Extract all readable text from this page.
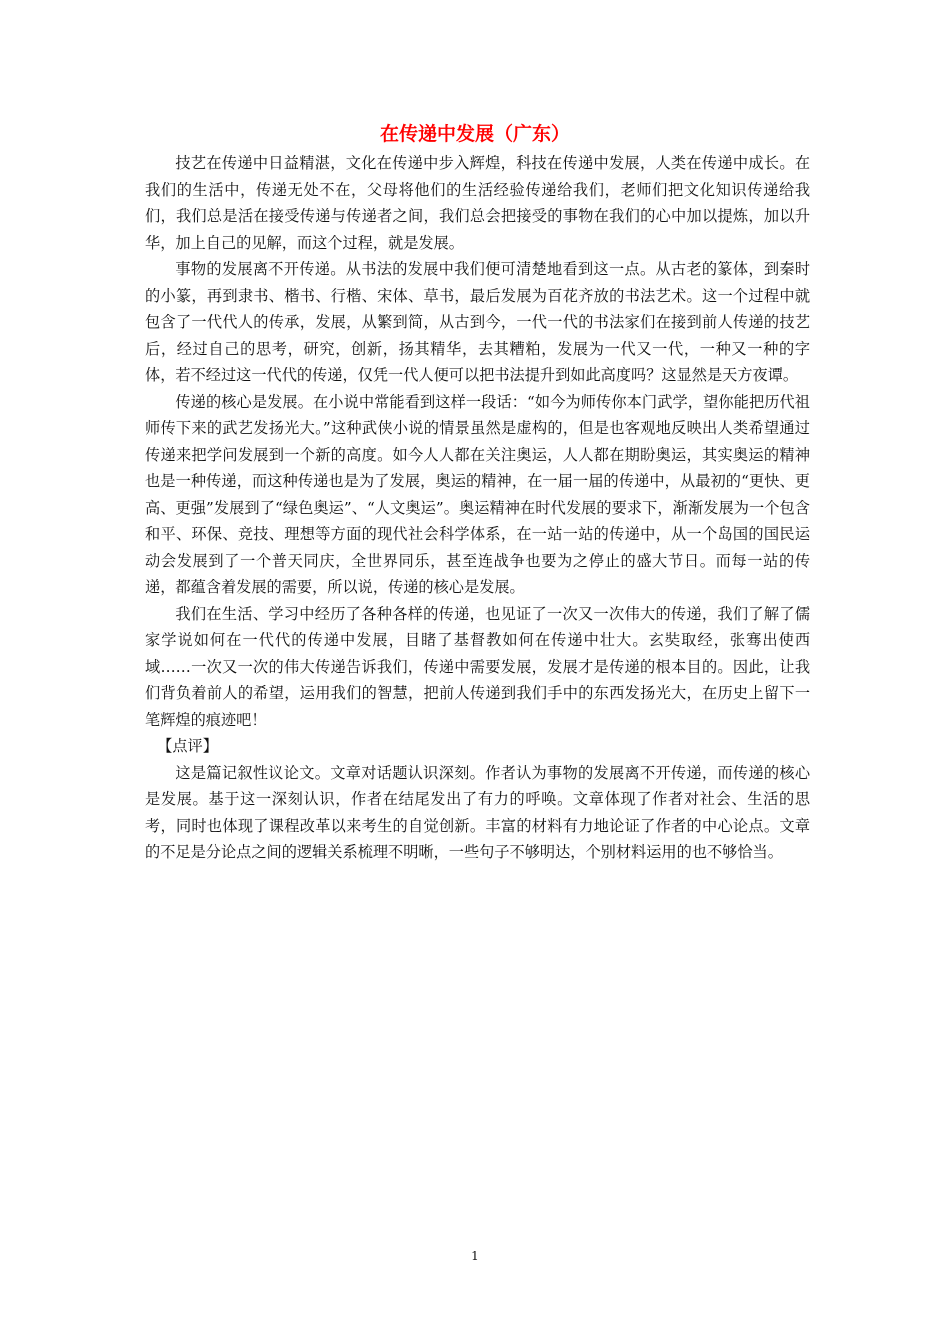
在传递中发展（广东）

技艺在传递中日益精湛，文化在传递中步入辉煌，科技在传递中发展，人类在传递中成长。在我们的生活中，传递无处不在，父母将他们的生活经验传递给我们，老师们把文化知识传递给我们，我们总是活在接受传递与传递者之间，我们总会把接受的事物在我们的心中加以提炼，加以升华，加上自己的见解，而这个过程，就是发展。

事物的发展离不开传递。从书法的发展中我们便可清楚地看到这一点。从古老的篆体，到秦时的小篆，再到隶书、楷书、行楷、宋体、草书，最后发展为百花齐放的书法艺术。这一个过程中就包含了一代代人的传承，发展，从繁到简，从古到今，一代一代的书法家们在接到前人传递的技艺后，经过自己的思考，研究，创新，扬其精华，去其糟粕，发展为一代又一代，一种又一种的字体，若不经过这一代代的传递，仅凭一代人便可以把书法提升到如此高度吗？这显然是天方夜谭。

传递的核心是发展。在小说中常能看到这样一段话：“如今为师传你本门武学，望你能把历代祖师传下来的武艺发扬光大。”这种武侠小说的情景虽然是虚构的，但是也客观地反映出人类希望通过传递来把学问发展到一个新的高度。如今人人都在关注奥运，人人都在期盼奥运，其实奥运的精神也是一种传递，而这种传递也是为了发展，奥运的精神，在一届一届的传递中，从最初的“更快、更高、更强”发展到了“绿色奥运”、“人文奥运”。奥运精神在时代发展的要求下，渐渐发展为一个包含和平、环保、竞技、理想等方面的现代社会科学体系，在一站一站的传递中，从一个岛国的国民运动会发展到了一个普天同庆，全世界同乐，甚至连战争也要为之停止的盛大节日。而每一站的传递，都蕴含着发展的需要，所以说，传递的核心是发展。

我们在生活、学习中经历了各种各样的传递，也见证了一次又一次伟大的传递，我们了解了儒家学说如何在一代代的传递中发展，目睹了基督教如何在传递中壮大。玄奘取经，张骞出使西域……一次又一次的伟大传递告诉我们，传递中需要发展，发展才是传递的根本目的。因此，让我们背负着前人的希望，运用我们的智慧，把前人传递到我们手中的东西发扬光大，在历史上留下一笔辉煌的痕迹吧！

【点评】

这是篇记叙性议论文。文章对话题认识深刻。作者认为事物的发展离不开传递，而传递的核心是发展。基于这一深刻认识，作者在结尾发出了有力的呼唤。文章体现了作者对社会、生活的思考，同时也体现了课程改革以来考生的自觉创新。丰富的材料有力地论证了作者的中心论点。文章的不足是分论点之间的逻辑关系梳理不明晰，一些句子不够明达，个别材料运用的也不够恰当。

1
